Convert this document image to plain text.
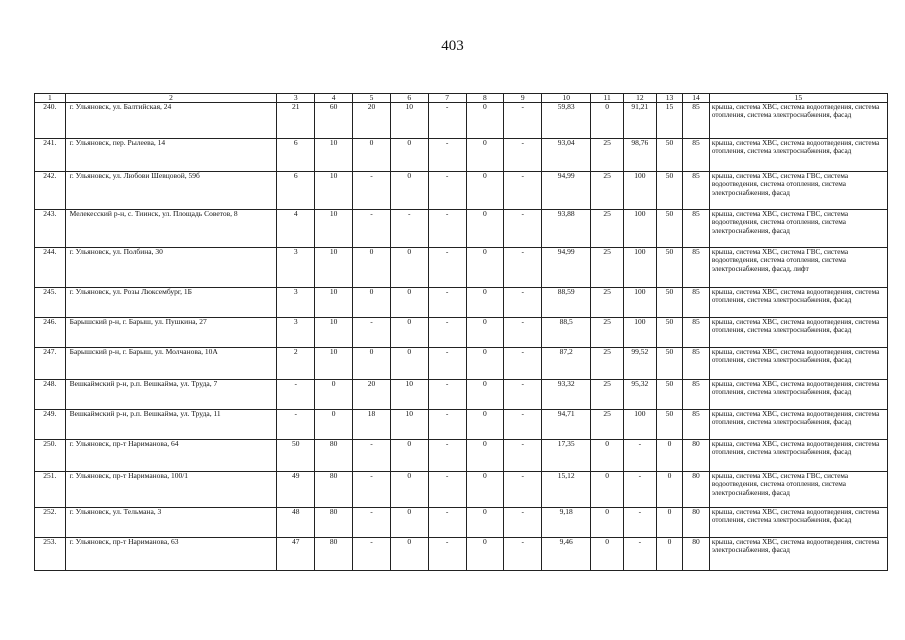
403
1	2	3	4	5	6	7	8	9	10	11	12	13	14	15
240.	г. Ульяновск, ул. Балтийская, 24	21	60	20	10	-	0	-	59,83	0	91,21	15	85	крыша, система ХВС, система водоотведения, система отопления, система электроснабжения, фасад
241.	г. Ульяновск, пер. Рылеева, 14	6	10	0	0	-	0	-	93,04	25	98,76	50	85	крыша, система ХВС, система водоотведения, система отопления, система электроснабжения, фасад
242.	г. Ульяновск, ул. Любови Шевцовой, 59б	6	10	-	0	-	0	-	94,99	25	100	50	85	крыша, система ХВС, система ГВС, система водоотведения, система отопления, система электроснабжения, фасад
243.	Мелекесский р-н, с. Тиинск, ул. Площадь Советов, 8	4	10	-	-	-	0	-	93,88	25	100	50	85	крыша, система ХВС, система ГВС, система водоотведения, система отопления, система электроснабжения, фасад
244.	г. Ульяновск, ул. Полбина, 30	3	10	0	0	-	0	-	94,99	25	100	50	85	крыша, система ХВС, система ГВС, система водоотведения, система отопления, система электроснабжения, фасад, лифт
245.	г. Ульяновск, ул. Розы Люксембург, 1Б	3	10	0	0	-	0	-	88,59	25	100	50	85	крыша, система ХВС, система водоотведения, система отопления, система электроснабжения, фасад
246.	Барышский р-н, г. Барыш, ул. Пушкина, 27	3	10	-	0	-	0	-	88,5	25	100	50	85	крыша, система ХВС, система водоотведения, система отопления, система электроснабжения, фасад
247.	Барышский р-н, г. Барыш, ул. Молчанова, 10А	2	10	0	0	-	0	-	87,2	25	99,52	50	85	крыша, система ХВС, система водоотведения, система отопления, система электроснабжения, фасад
248.	Вешкаймский р-н, р.п. Вешкайма, ул. Труда, 7	-	0	20	10	-	0	-	93,32	25	95,32	50	85	крыша, система ХВС, система водоотведения, система отопления, система электроснабжения, фасад
249.	Вешкаймский р-н, р.п. Вешкайма, ул. Труда, 11	-	0	18	10	-	0	-	94,71	25	100	50	85	крыша, система ХВС, система водоотведения, система отопления, система электроснабжения, фасад
250.	г. Ульяновск, пр-т Нариманова, 64	50	80	-	0	-	0	-	17,35	0	-	0	80	крыша, система ХВС, система водоотведения, система отопления, система электроснабжения, фасад
251.	г. Ульяновск, пр-т Нариманова, 100/1	49	80	-	0	-	0	-	15,12	0	-	0	80	крыша, система ХВС, система ГВС, система водоотведения, система отопления, система электроснабжения, фасад
252.	г. Ульяновск, ул. Тельмана, 3	48	80	-	0	-	0	-	9,18	0	-	0	80	крыша, система ХВС, система водоотведения, система отопления, система электроснабжения, фасад
253.	г. Ульяновск, пр-т Нариманова, 63	47	80	-	0	-	0	-	9,46	0	-	0	80	крыша, система ХВС, система водоотведения, система электроснабжения, фасад
